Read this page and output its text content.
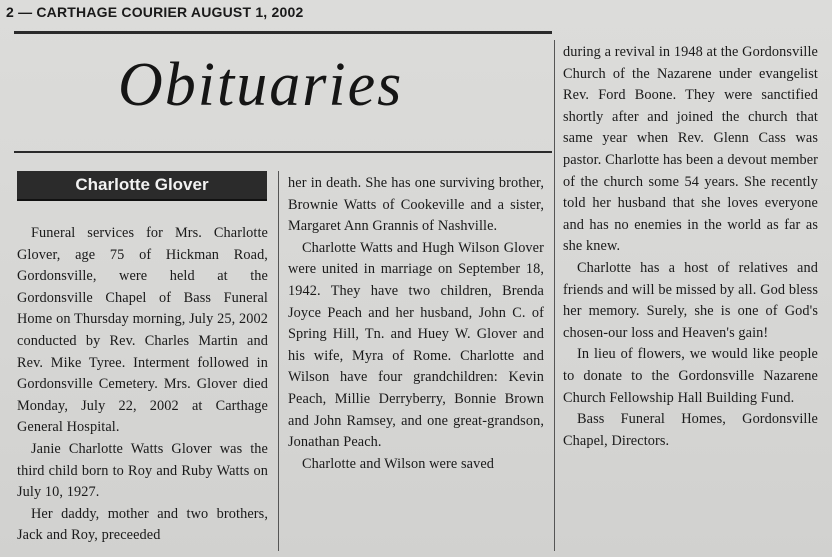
2 — CARTHAGE COURIER AUGUST 1, 2002
Obituaries
Charlotte Glover

Funeral services for Mrs. Charlotte Glover, age 75 of Hickman Road, Gordonsville, were held at the Gordonsville Chapel of Bass Funeral Home on Thursday morning, July 25, 2002 conducted by Rev. Charles Martin and Rev. Mike Tyree. Interment followed in Gordonsville Cemetery. Mrs. Glover died Monday, July 22, 2002 at Carthage General Hospital.

Janie Charlotte Watts Glover was the third child born to Roy and Ruby Watts on July 10, 1927.

Her daddy, mother and two brothers, Jack and Roy, preceeded

her in death. She has one surviving brother, Brownie Watts of Cookeville and a sister, Margaret Ann Grannis of Nashville.

Charlotte Watts and Hugh Wilson Glover were united in marriage on September 18, 1942. They have two children, Brenda Joyce Peach and her husband, John C. of Spring Hill, Tn. and Huey W. Glover and his wife, Myra of Rome. Charlotte and Wilson have four grandchildren: Kevin Peach, Millie Derryberry, Bonnie Brown and John Ramsey, and one great-grandson, Jonathan Peach.

Charlotte and Wilson were saved

during a revival in 1948 at the Gordonsville Church of the Nazarene under evangelist Rev. Ford Boone. They were sanctified shortly after and joined the church that same year when Rev. Glenn Cass was pastor. Charlotte has been a devout member of the church some 54 years. She recently told her husband that she loves everyone and has no enemies in the world as far as she knew.

Charlotte has a host of relatives and friends and will be missed by all. God bless her memory. Surely, she is one of God's chosen-our loss and Heaven's gain!

In lieu of flowers, we would like people to donate to the Gordonsville Nazarene Church Fellowship Hall Building Fund.

Bass Funeral Homes, Gordonsville Chapel, Directors.
